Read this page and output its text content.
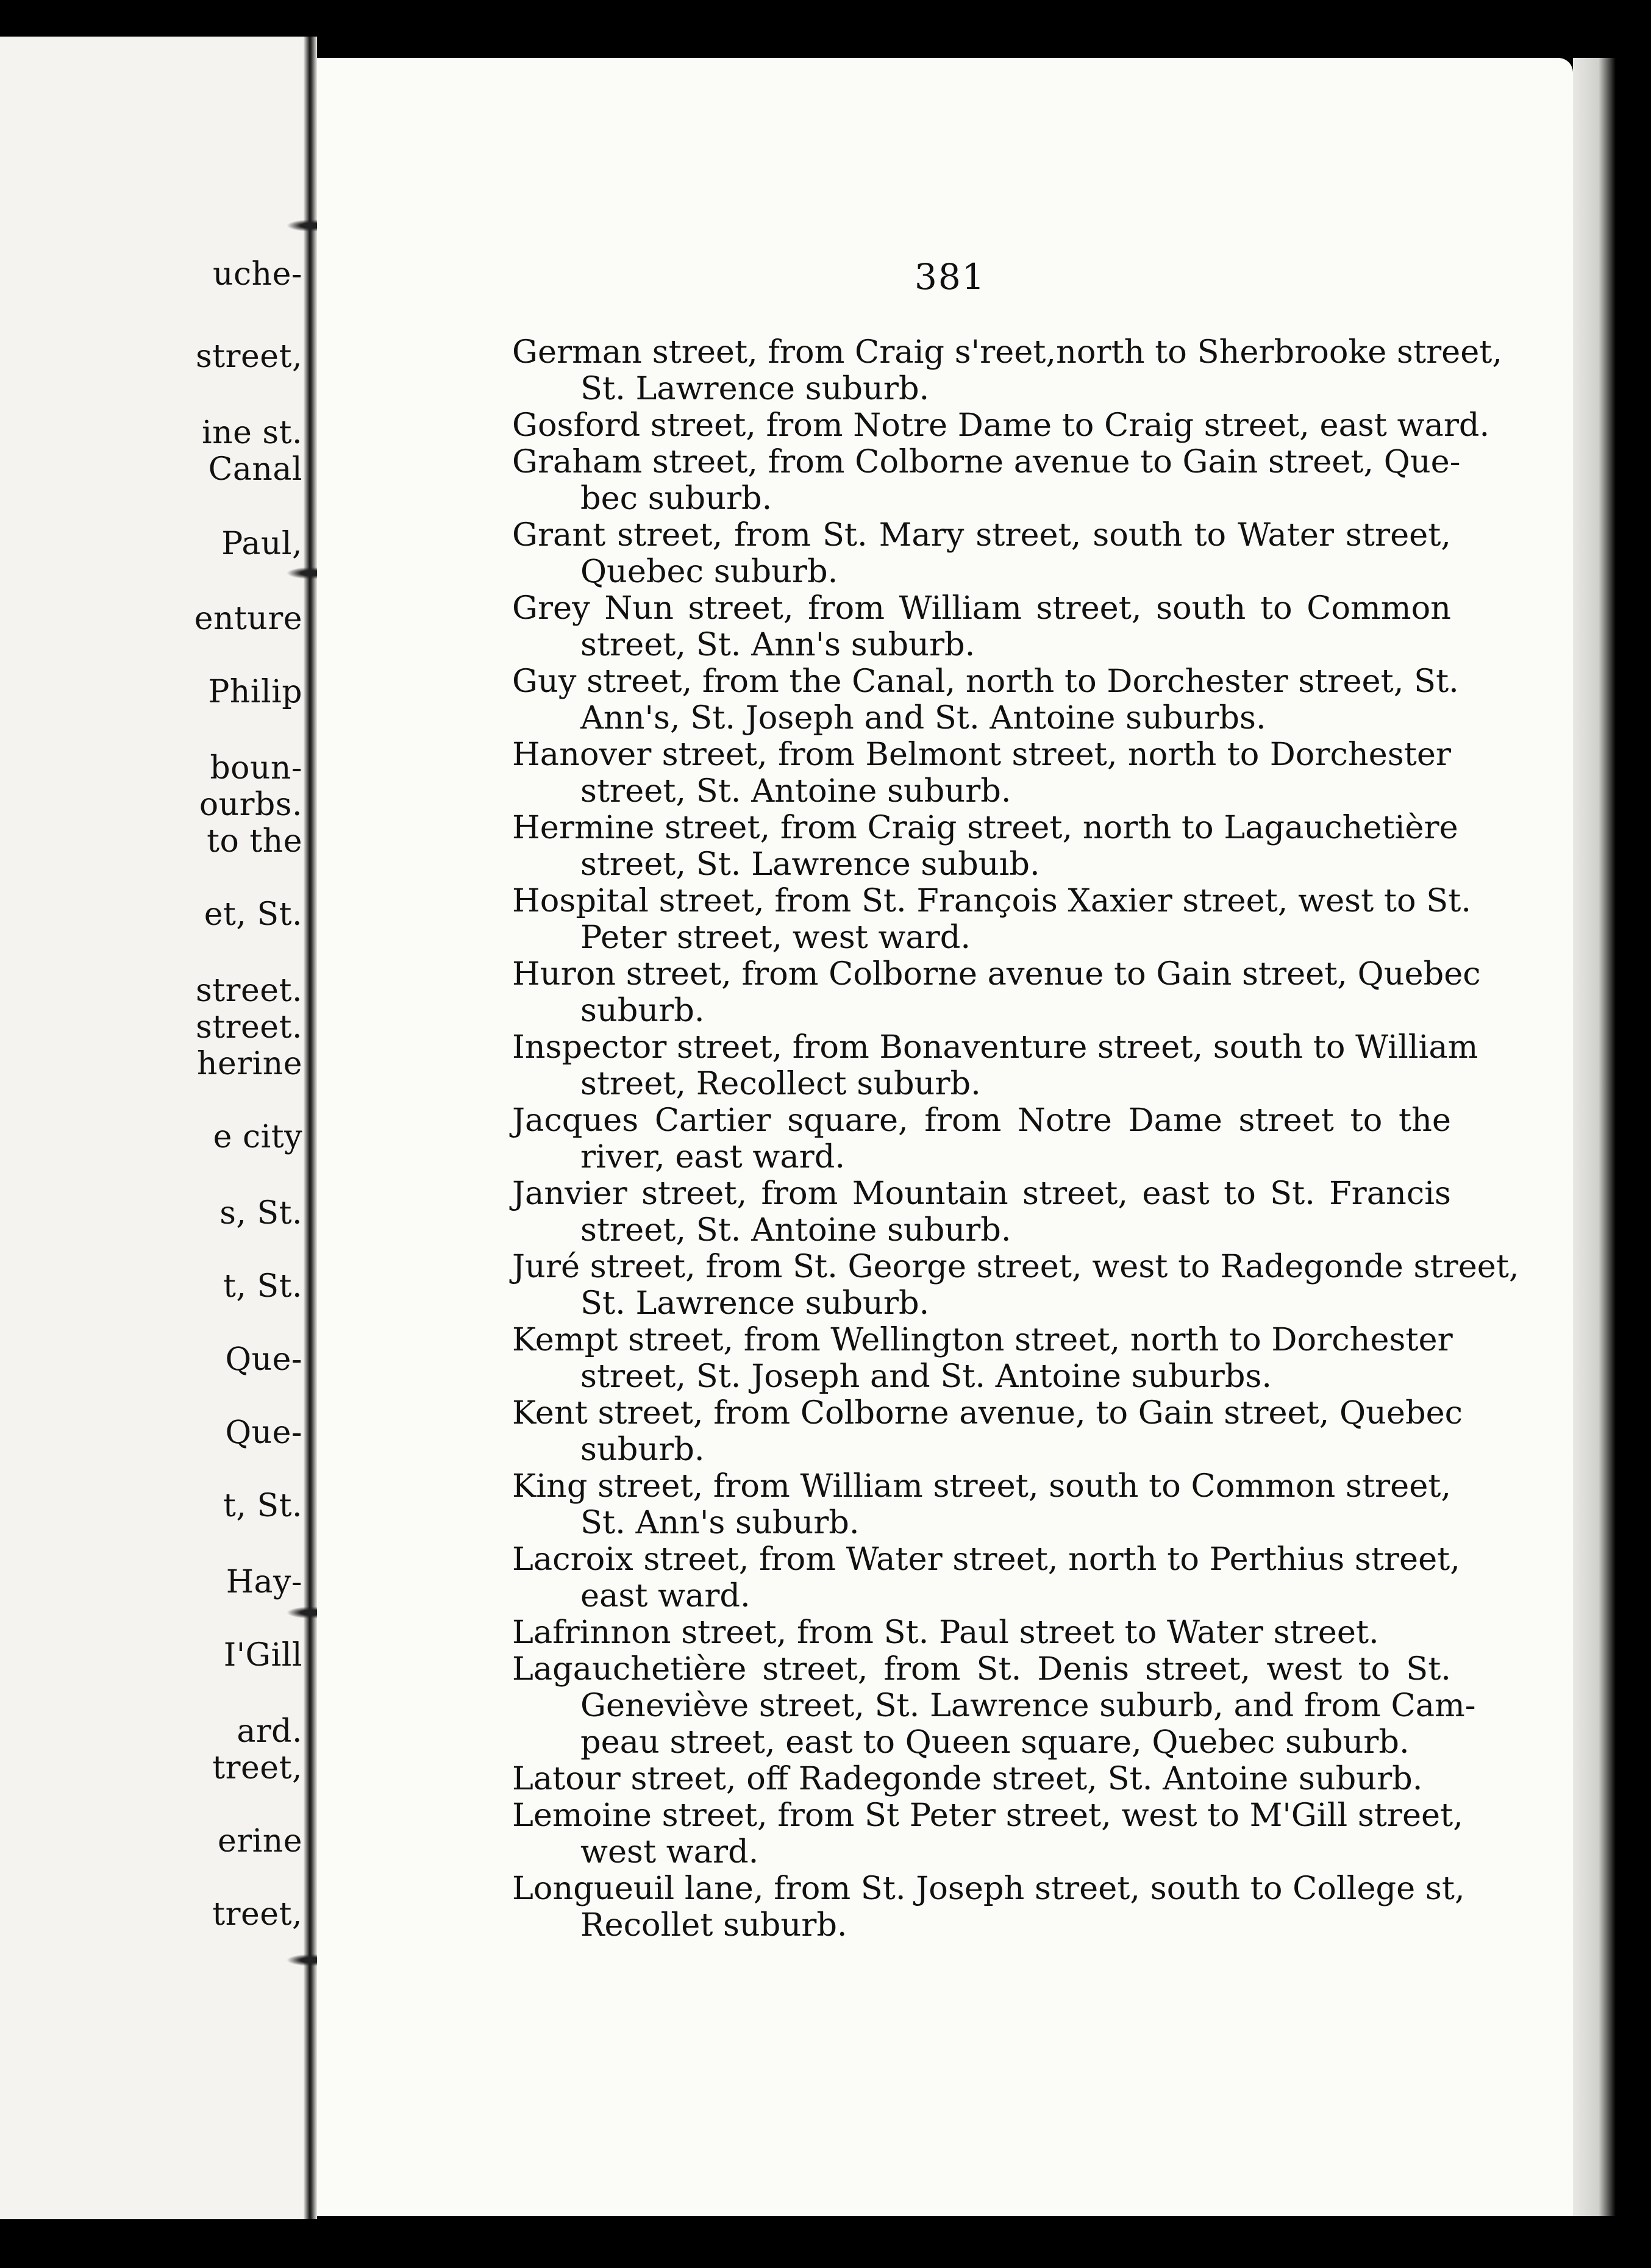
uche-
street,
ine st.
Canal
Paul,
enture
Philip
boun-
ourbs.
to the
et, St.
street.
street.
herine
e city
s, St.
t, St.
Que-
Que-
t, St.
Hay-
I'Gill
ard.
treet,
erine
treet,
381
German street, from Craig s'reet,north to Sherbrooke street,
St. Lawrence suburb.
Gosford street, from Notre Dame to Craig street, east ward.
Graham street, from Colborne avenue to Gain street, Que-
bec suburb.
Grant street, from St. Mary street, south to Water street,
Quebec suburb.
Grey Nun street, from William street, south to Common
street, St. Ann's suburb.
Guy street, from the Canal, north to Dorchester street, St.
Ann's, St. Joseph and St. Antoine suburbs.
Hanover street, from Belmont street, north to Dorchester
street, St. Antoine suburb.
Hermine street, from Craig street, north to Lagauchetière
street, St. Lawrence subuıb.
Hospital street, from St. François Xaxier street, west to St.
Peter street, west ward.
Huron street, from Colborne avenue to Gain street, Quebec
suburb.
Inspector street, from Bonaventure street, south to William
street, Recollect suburb.
Jacques Cartier square, from Notre Dame street to the
river, east ward.
Janvier street, from Mountain street, east to St. Francis
street, St. Antoine suburb.
Juré street, from St. George street, west to Radegonde street,
St. Lawrence suburb.
Kempt street, from Wellington street, north to Dorchester
street, St. Joseph and St. Antoine suburbs.
Kent street, from Colborne avenue, to Gain street, Quebec
suburb.
King street, from William street, south to Common street,
St. Ann's suburb.
Lacroix street, from Water street, north to Perthius street,
east ward.
Lafrinnon street, from St. Paul street to Water street.
Lagauchetière street, from St. Denis street, west to St.
Geneviève street, St. Lawrence suburb, and from Cam-
peau street, east to Queen square, Quebec suburb.
Latour street, off Radegonde street, St. Antoine suburb.
Lemoine street, from St Peter street, west to M'Gill street,
west ward.
Longueuil lane, from St. Joseph street, south to College st,
Recollet suburb.
